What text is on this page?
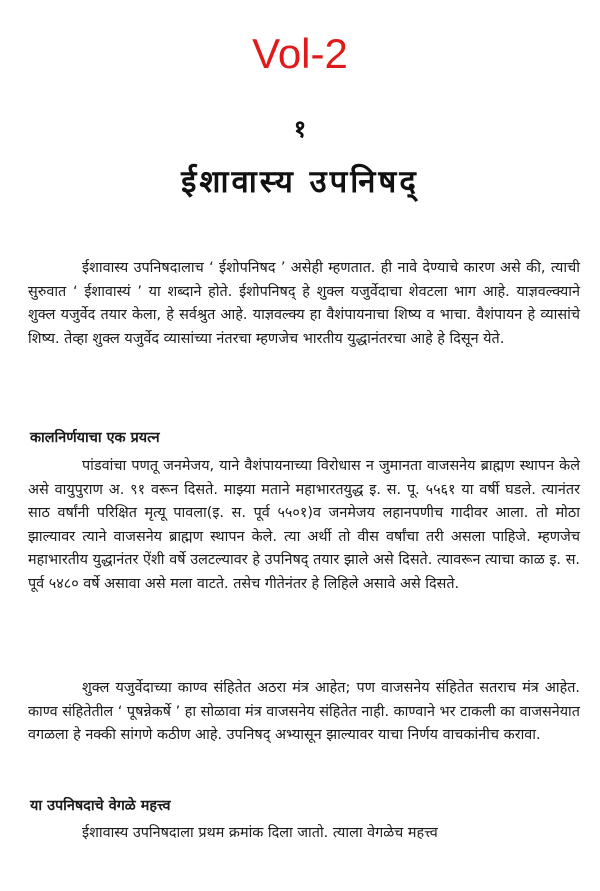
Vol-2
१
ईशावास्य उपनिषद्

ईशावास्य उपनिषदालाच ‘ ईशोपनिषद ’ असेही म्हणतात. ही नावे देण्याचे कारण असे की, त्याची सुरुवात ‘ ईशावास्यं ’ या शब्दाने होते. ईशोपनिषद् हे शुक्ल यजुर्वेदाचा शेवटला भाग आहे. याज्ञवल्क्याने शुक्ल यजुर्वेद तयार केला, हे सर्वश्रुत आहे. याज्ञवल्क्य हा वैशंपायनाचा शिष्य व भाचा. वैशंपायन हे व्यासांचे शिष्य. तेव्हा शुक्ल यजुर्वेद व्यासांच्या नंतरचा म्हणजेच भारतीय युद्धानंतरचा आहे हे दिसून येते.

कालनिर्णयाचा एक प्रयत्न

पांडवांचा पणतू जनमेजय, याने वैशंपायनाच्या विरोधास न जुमानता वाजसनेय ब्राह्मण स्थापन केले असे वायुपुराण अ. ९१ वरून दिसते. माझ्या मताने महाभारतयुद्ध इ. स. पू. ५५६१ या वर्षी घडले. त्यानंतर साठ वर्षांनी परिक्षित मृत्यू पावला(इ. स. पूर्व ५५०१)व जनमेजय लहानपणीच गादीवर आला. तो मोठा झाल्यावर त्याने वाजसनेय ब्राह्मण स्थापन केले. त्या अर्थी तो वीस वर्षांचा तरी असला पाहिजे. म्हणजेच महाभारतीय युद्धानंतर ऐंशी वर्षे उलटल्यावर हे उपनिषद् तयार झाले असे दिसते. त्यावरून त्याचा काळ इ. स. पूर्व ५४८० वर्षे असावा असे मला वाटते. तसेच गीतेनंतर हे लिहिले असावे असे दिसते.

शुक्ल यजुर्वेदाच्या काण्व संहितेत अठरा मंत्र आहेत; पण वाजसनेय संहितेत सतराच मंत्र आहेत. काण्व संहितेतील ‘ पूषन्नेकर्षे ’ हा सोळावा मंत्र वाजसनेय संहितेत नाही. काण्वाने भर टाकली का वाजसनेयात वगळला हे नक्की सांगणे कठीण आहे. उपनिषद् अभ्यासून झाल्यावर याचा निर्णय वाचकांनीच करावा.

या उपनिषदाचे वेगळे महत्त्व

ईशावास्य उपनिषदाला प्रथम क्रमांक दिला जातो. त्याला वेगळेच महत्त्व
